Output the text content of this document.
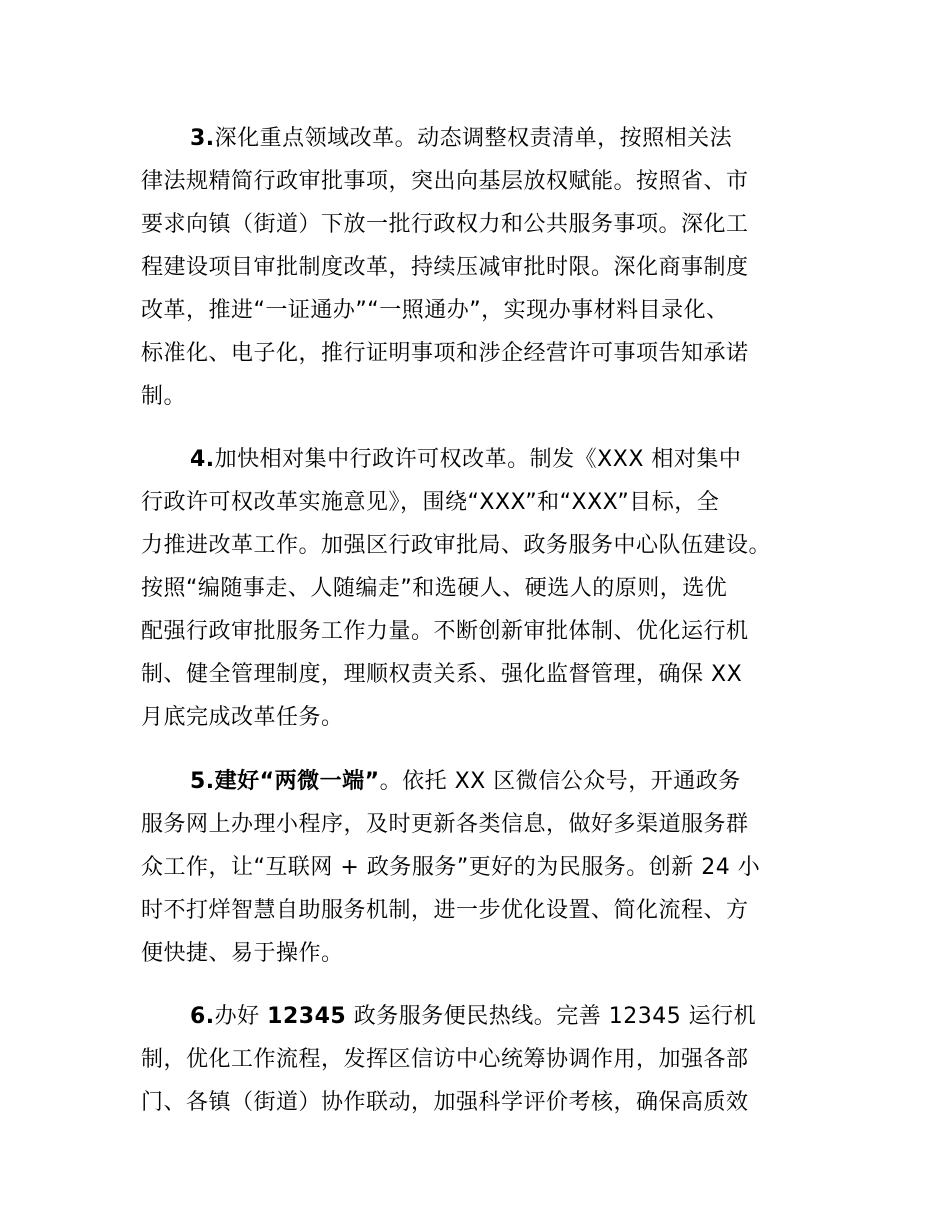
3.深化重点领域改革。动态调整权责清单，按照相关法
律法规精简行政审批事项，突出向基层放权赋能。按照省、市
要求向镇（街道）下放一批行政权力和公共服务事项。深化工
程建设项目审批制度改革，持续压减审批时限。深化商事制度
改革，推进“一证通办”“一照通办”，实现办事材料目录化、
标准化、电子化，推行证明事项和涉企经营许可事项告知承诺
制。
4.加快相对集中行政许可权改革。制发《XXX 相对集中
行政许可权改革实施意见》，围绕“XXX”和“XXX”目标，全
力推进改革工作。加强区行政审批局、政务服务中心队伍建设。
按照“编随事走、人随编走”和选硬人、硬选人的原则，选优
配强行政审批服务工作力量。不断创新审批体制、优化运行机
制、健全管理制度，理顺权责关系、强化监督管理，确保 XX
月底完成改革任务。
5.建好“两微一端”。依托 XX 区微信公众号，开通政务
服务网上办理小程序，及时更新各类信息，做好多渠道服务群
众工作，让“互联网 + 政务服务”更好的为民服务。创新 24 小
时不打烊智慧自助服务机制，进一步优化设置、简化流程、方
便快捷、易于操作。
6.办好 12345 政务服务便民热线。完善 12345 运行机
制，优化工作流程，发挥区信访中心统筹协调作用，加强各部
门、各镇（街道）协作联动，加强科学评价考核，确保高质效
